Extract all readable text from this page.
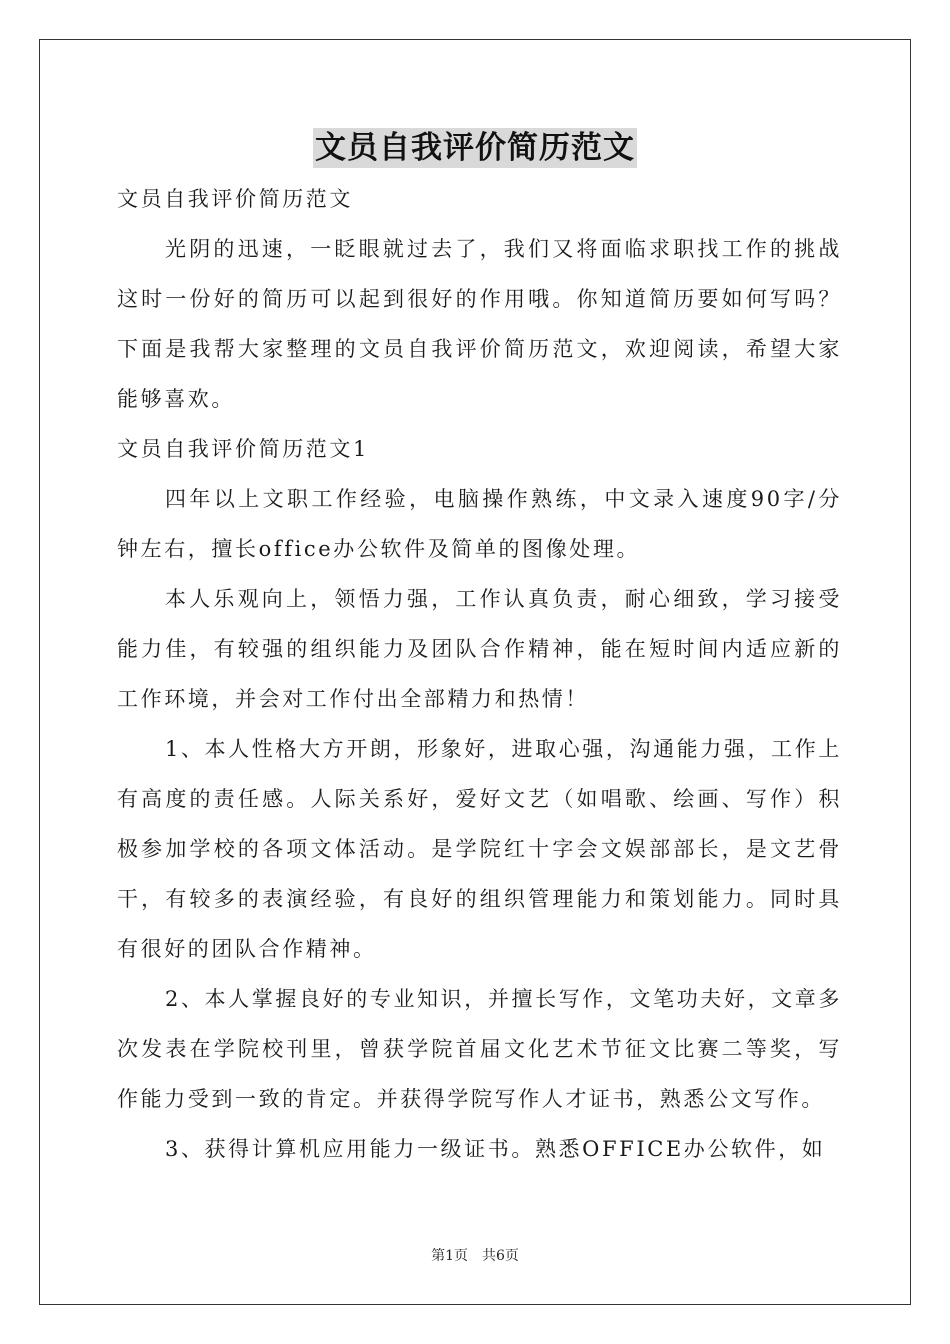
文员自我评价简历范文

文员自我评价简历范文

光阴的迅速，一眨眼就过去了，我们又将面临求职找工作的挑战这时一份好的简历可以起到很好的作用哦。你知道简历要如何写吗？下面是我帮大家整理的文员自我评价简历范文，欢迎阅读，希望大家能够喜欢。

文员自我评价简历范文1

四年以上文职工作经验，电脑操作熟练，中文录入速度90字/分钟左右，擅长office办公软件及简单的图像处理。

本人乐观向上，领悟力强，工作认真负责，耐心细致，学习接受能力佳，有较强的组织能力及团队合作精神，能在短时间内适应新的工作环境，并会对工作付出全部精力和热情！

1、本人性格大方开朗，形象好，进取心强，沟通能力强，工作上有高度的责任感。人际关系好，爱好文艺（如唱歌、绘画、写作）积极参加学校的各项文体活动。是学院红十字会文娱部部长，是文艺骨干，有较多的表演经验，有良好的组织管理能力和策划能力。同时具有很好的团队合作精神。

2、本人掌握良好的专业知识，并擅长写作，文笔功夫好，文章多次发表在学院校刊里，曾获学院首届文化艺术节征文比赛二等奖，写作能力受到一致的肯定。并获得学院写作人才证书，熟悉公文写作。

3、获得计算机应用能力一级证书。熟悉OFFICE办公软件，如

第1页　共6页
